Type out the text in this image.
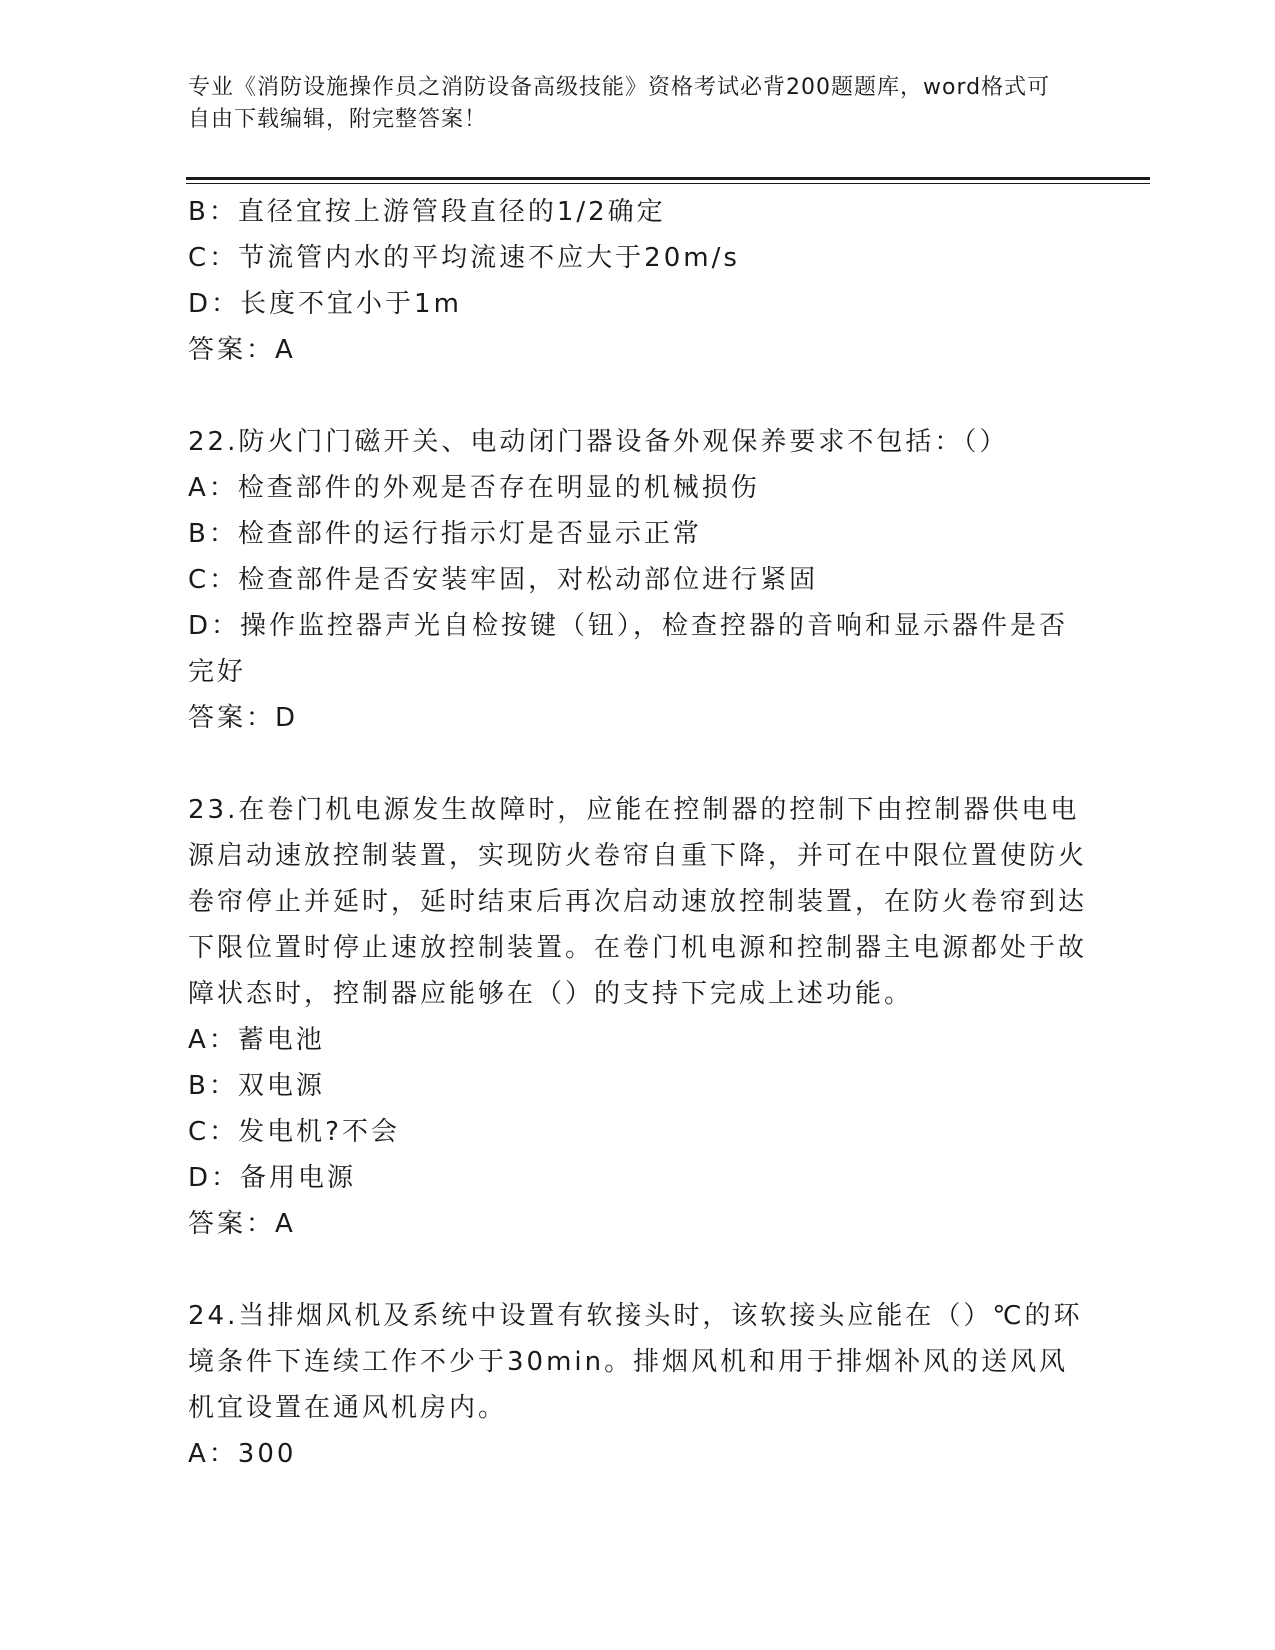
专业《消防设施操作员之消防设备高级技能》资格考试必背200题题库，word格式可自由下载编辑，附完整答案！

B：直径宜按上游管段直径的1/2确定

C：节流管内水的平均流速不应大于20m/s

D：长度不宜小于1m

答案：A

22.防火门门磁开关、电动闭门器设备外观保养要求不包括：（）

A：检查部件的外观是否存在明显的机械损伤

B：检查部件的运行指示灯是否显示正常

C：检查部件是否安装牢固，对松动部位进行紧固

D：操作监控器声光自检按键（钮），检查控器的音响和显示器件是否完好

答案：D

23.在卷门机电源发生故障时，应能在控制器的控制下由控制器供电电源启动速放控制装置，实现防火卷帘自重下降，并可在中限位置使防火卷帘停止并延时，延时结束后再次启动速放控制装置，在防火卷帘到达下限位置时停止速放控制装置。在卷门机电源和控制器主电源都处于故障状态时，控制器应能够在（）的支持下完成上述功能。

A：蓄电池

B：双电源

C：发电机?不会

D：备用电源

答案：A

24.当排烟风机及系统中设置有软接头时，该软接头应能在（）℃的环境条件下连续工作不少于30min。排烟风机和用于排烟补风的送风风机宜设置在通风机房内。

A：300
